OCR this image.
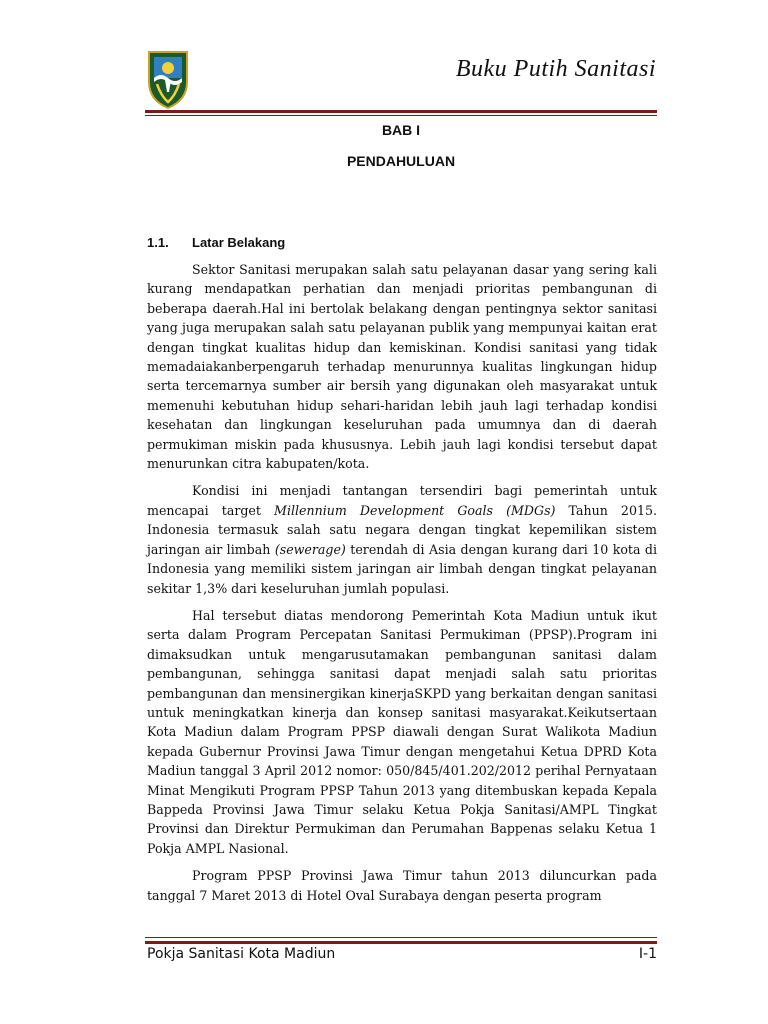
Buku Putih Sanitasi
BAB I
PENDAHULUAN
1.1. Latar Belakang

Sektor Sanitasi merupakan salah satu pelayanan dasar yang sering kali kurang mendapatkan perhatian dan menjadi prioritas pembangunan di beberapa daerah.Hal ini bertolak belakang dengan pentingnya sektor sanitasi yang juga merupakan salah satu pelayanan publik yang mempunyai kaitan erat dengan tingkat kualitas hidup dan kemiskinan. Kondisi sanitasi yang tidak memadaiakanberpengaruh terhadap menurunnya kualitas lingkungan hidup serta tercemarnya sumber air bersih yang digunakan oleh masyarakat untuk memenuhi kebutuhan hidup sehari-haridan lebih jauh lagi terhadap kondisi kesehatan dan lingkungan keseluruhan pada umumnya dan di daerah permukiman miskin pada khususnya. Lebih jauh lagi kondisi tersebut dapat menurunkan citra kabupaten/kota.

Kondisi ini menjadi tantangan tersendiri bagi pemerintah untuk mencapai target Millennium Development Goals (MDGs) Tahun 2015. Indonesia termasuk salah satu negara dengan tingkat kepemilikan sistem jaringan air limbah (sewerage) terendah di Asia dengan kurang dari 10 kota di Indonesia yang memiliki sistem jaringan air limbah dengan tingkat pelayanan sekitar 1,3% dari keseluruhan jumlah populasi.

Hal tersebut diatas mendorong Pemerintah Kota Madiun untuk ikut serta dalam Program Percepatan Sanitasi Permukiman (PPSP).Program ini dimaksudkan untuk mengarusutamakan pembangunan sanitasi dalam pembangunan, sehingga sanitasi dapat menjadi salah satu prioritas pembangunan dan mensinergikan kinerjaSKPD yang berkaitan dengan sanitasi untuk meningkatkan kinerja dan konsep sanitasi masyarakat.Keikutsertaan Kota Madiun dalam Program PPSP diawali dengan Surat Walikota Madiun kepada Gubernur Provinsi Jawa Timur dengan mengetahui Ketua DPRD Kota Madiun tanggal 3 April 2012 nomor: 050/845/401.202/2012 perihal Pernyataan Minat Mengikuti Program PPSP Tahun 2013 yang ditembuskan kepada Kepala Bappeda Provinsi Jawa Timur selaku Ketua Pokja Sanitasi/AMPL Tingkat Provinsi dan Direktur Permukiman dan Perumahan Bappenas selaku Ketua 1 Pokja AMPL Nasional.

Program PPSP Provinsi Jawa Timur tahun 2013 diluncurkan pada tanggal 7 Maret 2013 di Hotel Oval Surabaya dengan peserta program

Pokja Sanitasi Kota Madiun	I-1
